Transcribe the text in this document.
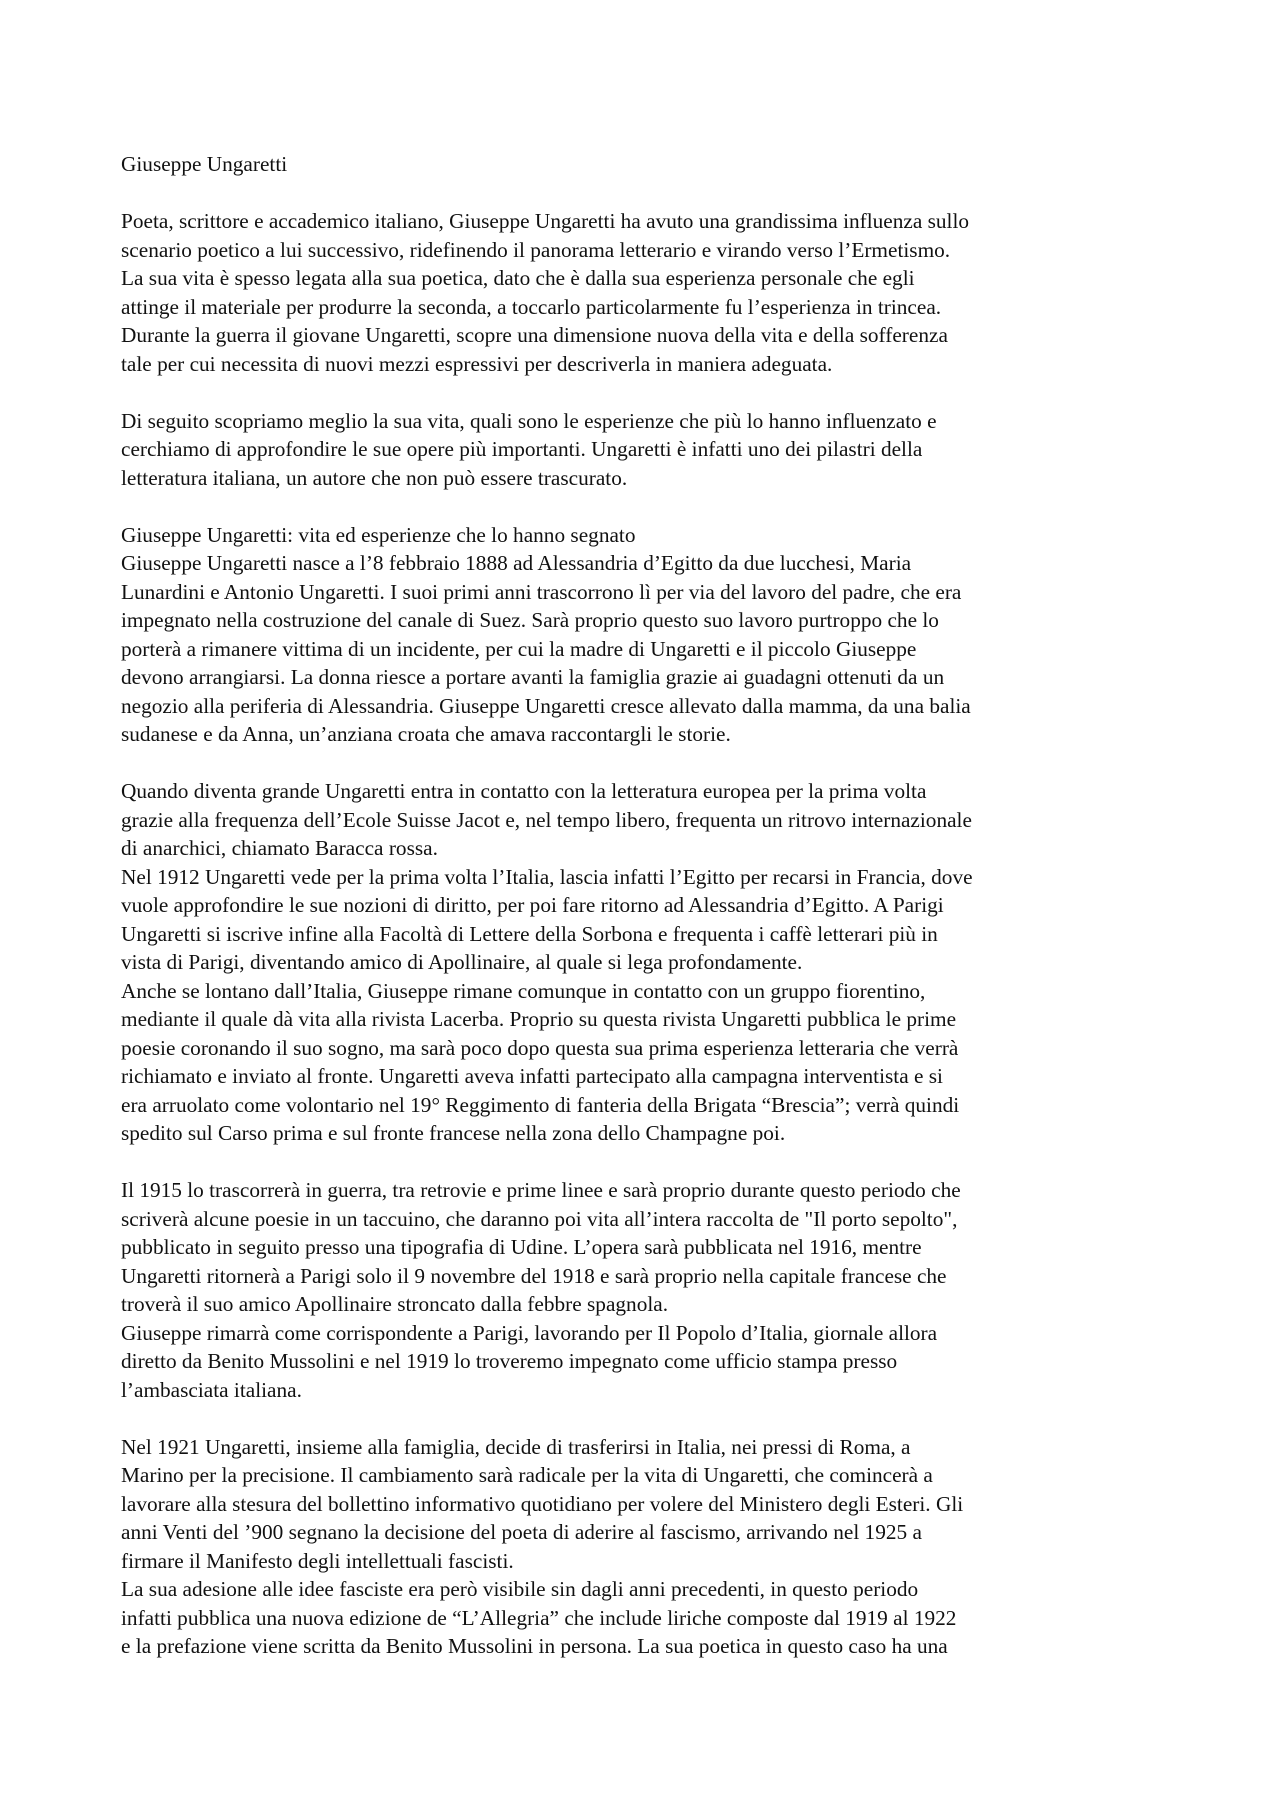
Giuseppe Ungaretti
Poeta, scrittore e accademico italiano, Giuseppe Ungaretti ha avuto una grandissima influenza sullo
scenario poetico a lui successivo, ridefinendo il panorama letterario e virando verso l’Ermetismo.
La sua vita è spesso legata alla sua poetica, dato che è dalla sua esperienza personale che egli
attinge il materiale per produrre la seconda, a toccarlo particolarmente fu l’esperienza in trincea.
Durante la guerra il giovane Ungaretti, scopre una dimensione nuova della vita e della sofferenza
tale per cui necessita di nuovi mezzi espressivi per descriverla in maniera adeguata.
Di seguito scopriamo meglio la sua vita, quali sono le esperienze che più lo hanno influenzato e
cerchiamo di approfondire le sue opere più importanti. Ungaretti è infatti uno dei pilastri della
letteratura italiana, un autore che non può essere trascurato.
Giuseppe Ungaretti: vita ed esperienze che lo hanno segnato
Giuseppe Ungaretti nasce a l’8 febbraio 1888 ad Alessandria d’Egitto da due lucchesi, Maria
Lunardini e Antonio Ungaretti. I suoi primi anni trascorrono lì per via del lavoro del padre, che era
impegnato nella costruzione del canale di Suez. Sarà proprio questo suo lavoro purtroppo che lo
porterà a rimanere vittima di un incidente, per cui la madre di Ungaretti e il piccolo Giuseppe
devono arrangiarsi. La donna riesce a portare avanti la famiglia grazie ai guadagni ottenuti da un
negozio alla periferia di Alessandria. Giuseppe Ungaretti cresce allevato dalla mamma, da una balia
sudanese e da Anna, un’anziana croata che amava raccontargli le storie.
Quando diventa grande Ungaretti entra in contatto con la letteratura europea per la prima volta
grazie alla frequenza dell’Ecole Suisse Jacot e, nel tempo libero, frequenta un ritrovo internazionale
di anarchici, chiamato Baracca rossa.
Nel 1912 Ungaretti vede per la prima volta l’Italia, lascia infatti l’Egitto per recarsi in Francia, dove
vuole approfondire le sue nozioni di diritto, per poi fare ritorno ad Alessandria d’Egitto. A Parigi
Ungaretti si iscrive infine alla Facoltà di Lettere della Sorbona e frequenta i caffè letterari più in
vista di Parigi, diventando amico di Apollinaire, al quale si lega profondamente.
Anche se lontano dall’Italia, Giuseppe rimane comunque in contatto con un gruppo fiorentino,
mediante il quale dà vita alla rivista Lacerba. Proprio su questa rivista Ungaretti pubblica le prime
poesie coronando il suo sogno, ma sarà poco dopo questa sua prima esperienza letteraria che verrà
richiamato e inviato al fronte. Ungaretti aveva infatti partecipato alla campagna interventista e si
era arruolato come volontario nel 19° Reggimento di fanteria della Brigata “Brescia”; verrà quindi
spedito sul Carso prima e sul fronte francese nella zona dello Champagne poi.
Il 1915 lo trascorrerà in guerra, tra retrovie e prime linee e sarà proprio durante questo periodo che
scriverà alcune poesie in un taccuino, che daranno poi vita all’intera raccolta de "Il porto sepolto",
pubblicato in seguito presso una tipografia di Udine. L’opera sarà pubblicata nel 1916, mentre
Ungaretti ritornerà a Parigi solo il 9 novembre del 1918 e sarà proprio nella capitale francese che
troverà il suo amico Apollinaire stroncato dalla febbre spagnola.
Giuseppe rimarrà come corrispondente a Parigi, lavorando per Il Popolo d’Italia, giornale allora
diretto da Benito Mussolini e nel 1919 lo troveremo impegnato come ufficio stampa presso
l’ambasciata italiana.
Nel 1921 Ungaretti, insieme alla famiglia, decide di trasferirsi in Italia, nei pressi di Roma, a
Marino per la precisione. Il cambiamento sarà radicale per la vita di Ungaretti, che comincerà a
lavorare alla stesura del bollettino informativo quotidiano per volere del Ministero degli Esteri. Gli
anni Venti del ’900 segnano la decisione del poeta di aderire al fascismo, arrivando nel 1925 a
firmare il Manifesto degli intellettuali fascisti.
La sua adesione alle idee fasciste era però visibile sin dagli anni precedenti, in questo periodo
infatti pubblica una nuova edizione de “L’Allegria” che include liriche composte dal 1919 al 1922
e la prefazione viene scritta da Benito Mussolini in persona. La sua poetica in questo caso ha una
